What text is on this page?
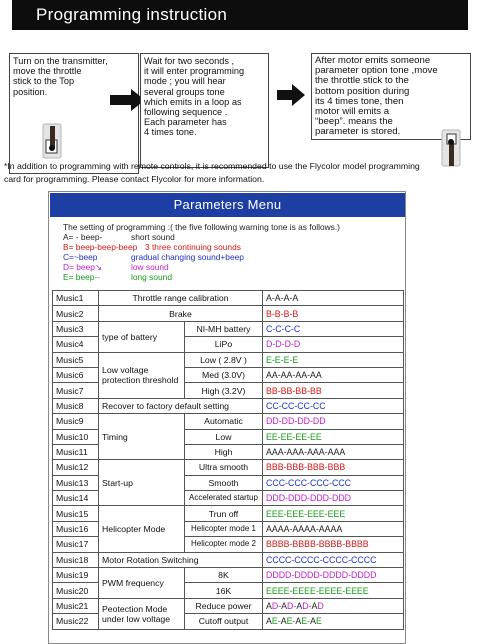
Programming instruction
Turn on the transmitter,
move the throttle
stick to the Top
position.
Wait for two seconds ,
it will enter programming
mode ; you will hear
several groups tone
which emits in a loop as
following sequence .
Each parameter has
4 times tone.
After motor emits someone
parameter option tone ,move
the throttle stick to the
bottom position during
its 4 times tone, then
motor will emits a
“beep”. means the
parameter is stored.
*In addition to programming with remote controls, it is recommended to use the Flycolor model programming
card for programming. Please contact Flycolor for more information.
Parameters Menu
The setting of programming :( the five following warning tone is as follows.)
A= - beep-	short sound
B= beep-beep-beep 3 three continuing sounds
C=~beep	gradual changing sound+beep
D= beep↘	low sound
E= beep--	long sound
Music1	Throttle range calibration		A-A-A-A
Music2	Brake		B-B-B-B
Music3	type of battery	NI-MH battery	C-C-C-C
Music4		LiPo	D-D-D-D
Music5	Low voltage protection threshold	Low ( 2.8V )	E-E-E-E
Music6		Med (3.0V)	AA-AA-AA-AA
Music7		High (3.2V)	BB-BB-BB-BB
Music8	Recover to factory default setting		CC-CC-CC-CC
Music9	Timing	Automatic	DD-DD-DD-DD
Music10		Low	EE-EE-EE-EE
Music11		High	AAA-AAA-AAA-AAA
Music12	Start-up	Ultra smooth	BBB-BBB-BBB-BBB
Music13		Smooth	CCC-CCC-CCC-CCC
Music14		Accelerated startup	DDD-DDD-DDD-DDD
Music15	Helicopter Mode	Trun off	EEE-EEE-EEE-EEE
Music16		Helicopter mode 1	AAAA-AAAA-AAAA
Music17		Helicopter mode 2	BBBB-BBBB-BBBB-BBBB
Music18	Motor Rotation Switching		CCCC-CCCC-CCCC-CCCC
Music19	PWM frequency	8K	DDDD-DDDD-DDDD-DDDD
Music20		16K	EEEE-EEEE-EEEE-EEEE
Music21	Peotection Mode under low voltage	Reduce power	AD-AD-AD-AD
Music22		Cutoff output	AE-AE-AE-AE
